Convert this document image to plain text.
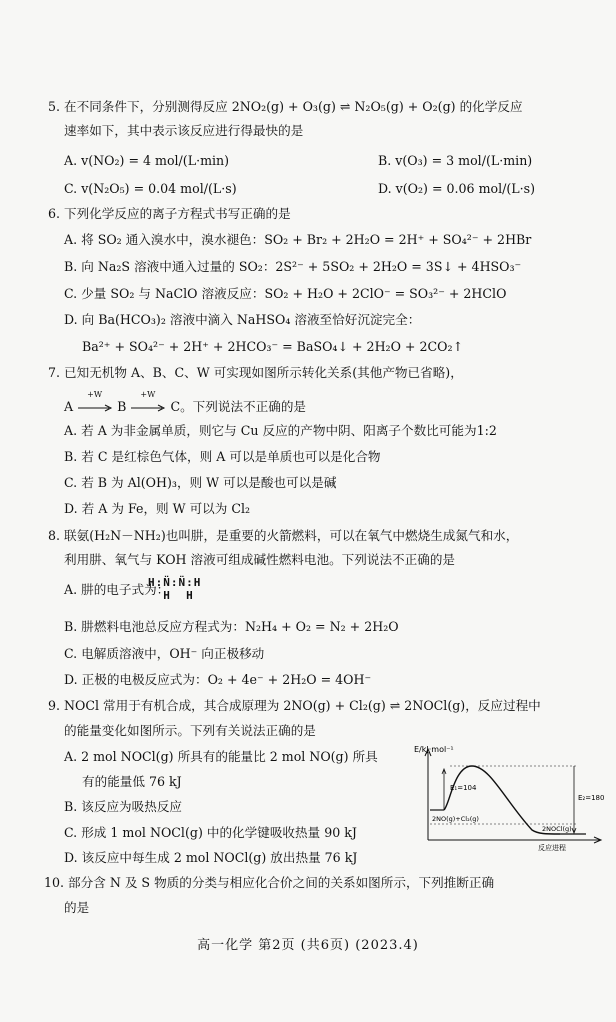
5. 在不同条件下，分别测得反应 2NO₂(g) + O₃(g) ⇌ N₂O₅(g) + O₂(g) 的化学反应
速率如下，其中表示该反应进行得最快的是
A. v(NO₂) = 4 mol/(L·min)	B. v(O₃) = 3 mol/(L·min)
C. v(N₂O₅) = 0.04 mol/(L·s)	D. v(O₂) = 0.06 mol/(L·s)
6. 下列化学反应的离子方程式书写正确的是
A. 将 SO₂ 通入溴水中，溴水褪色：SO₂ + Br₂ + 2H₂O = 2H⁺ + SO₄²⁻ + 2HBr
B. 向 Na₂S 溶液中通入过量的 SO₂：2S²⁻ + 5SO₂ + 2H₂O = 3S↓ + 4HSO₃⁻
C. 少量 SO₂ 与 NaClO 溶液反应：SO₂ + H₂O + 2ClO⁻ = SO₃²⁻ + 2HClO
D. 向 Ba(HCO₃)₂ 溶液中滴入 NaHSO₄ 溶液至恰好沉淀完全：
Ba²⁺ + SO₄²⁻ + 2H⁺ + 2HCO₃⁻ = BaSO₄↓ + 2H₂O + 2CO₂↑
7. 已知无机物 A、B、C、W 可实现如图所示转化关系(其他产物已省略)，
A
+W
B
+W
C。下列说法不正确的是
A. 若 A 为非金属单质，则它与 Cu 反应的产物中阴、阳离子个数比可能为1:2
B. 若 C 是红棕色气体，则 A 可以是单质也可以是化合物
C. 若 B 为 Al(OH)₃，则 W 可以是酸也可以是碱
D. 若 A 为 Fe，则 W 可以为 Cl₂
8. 联氨(H₂N－NH₂)也叫肼，是重要的火箭燃料，可以在氧气中燃烧生成氮气和水，
利用肼、氧气与 KOH 溶液可组成碱性燃料电池。下列说法不正确的是
A. 肼的电子式为：
H:N̈:N̈:H
H  H
B. 肼燃料电池总反应方程式为：N₂H₄ + O₂ = N₂ + 2H₂O
C. 电解质溶液中，OH⁻ 向正极移动
D. 正极的电极反应式为：O₂ + 4e⁻ + 2H₂O = 4OH⁻
9. NOCl 常用于有机合成，其合成原理为 2NO(g) + Cl₂(g) ⇌ 2NOCl(g)，反应过程中
的能量变化如图所示。下列有关说法正确的是
A. 2 mol NOCl(g) 所具有的能量比 2 mol NO(g) 所具
有的能量低 76 kJ
B. 该反应为吸热反应
C. 形成 1 mol NOCl(g) 中的化学键吸收热量 90 kJ
D. 该反应中每生成 2 mol NOCl(g) 放出热量 76 kJ
E/kJ·mol⁻¹
反应进程
E₁=104
E₂=180
2NO(g)+Cl₂(g)
2NOCl(g)
10. 部分含 N 及 S 物质的分类与相应化合价之间的关系如图所示，下列推断正确
的是
高一化学 第2页 (共6页) (2023.4)
